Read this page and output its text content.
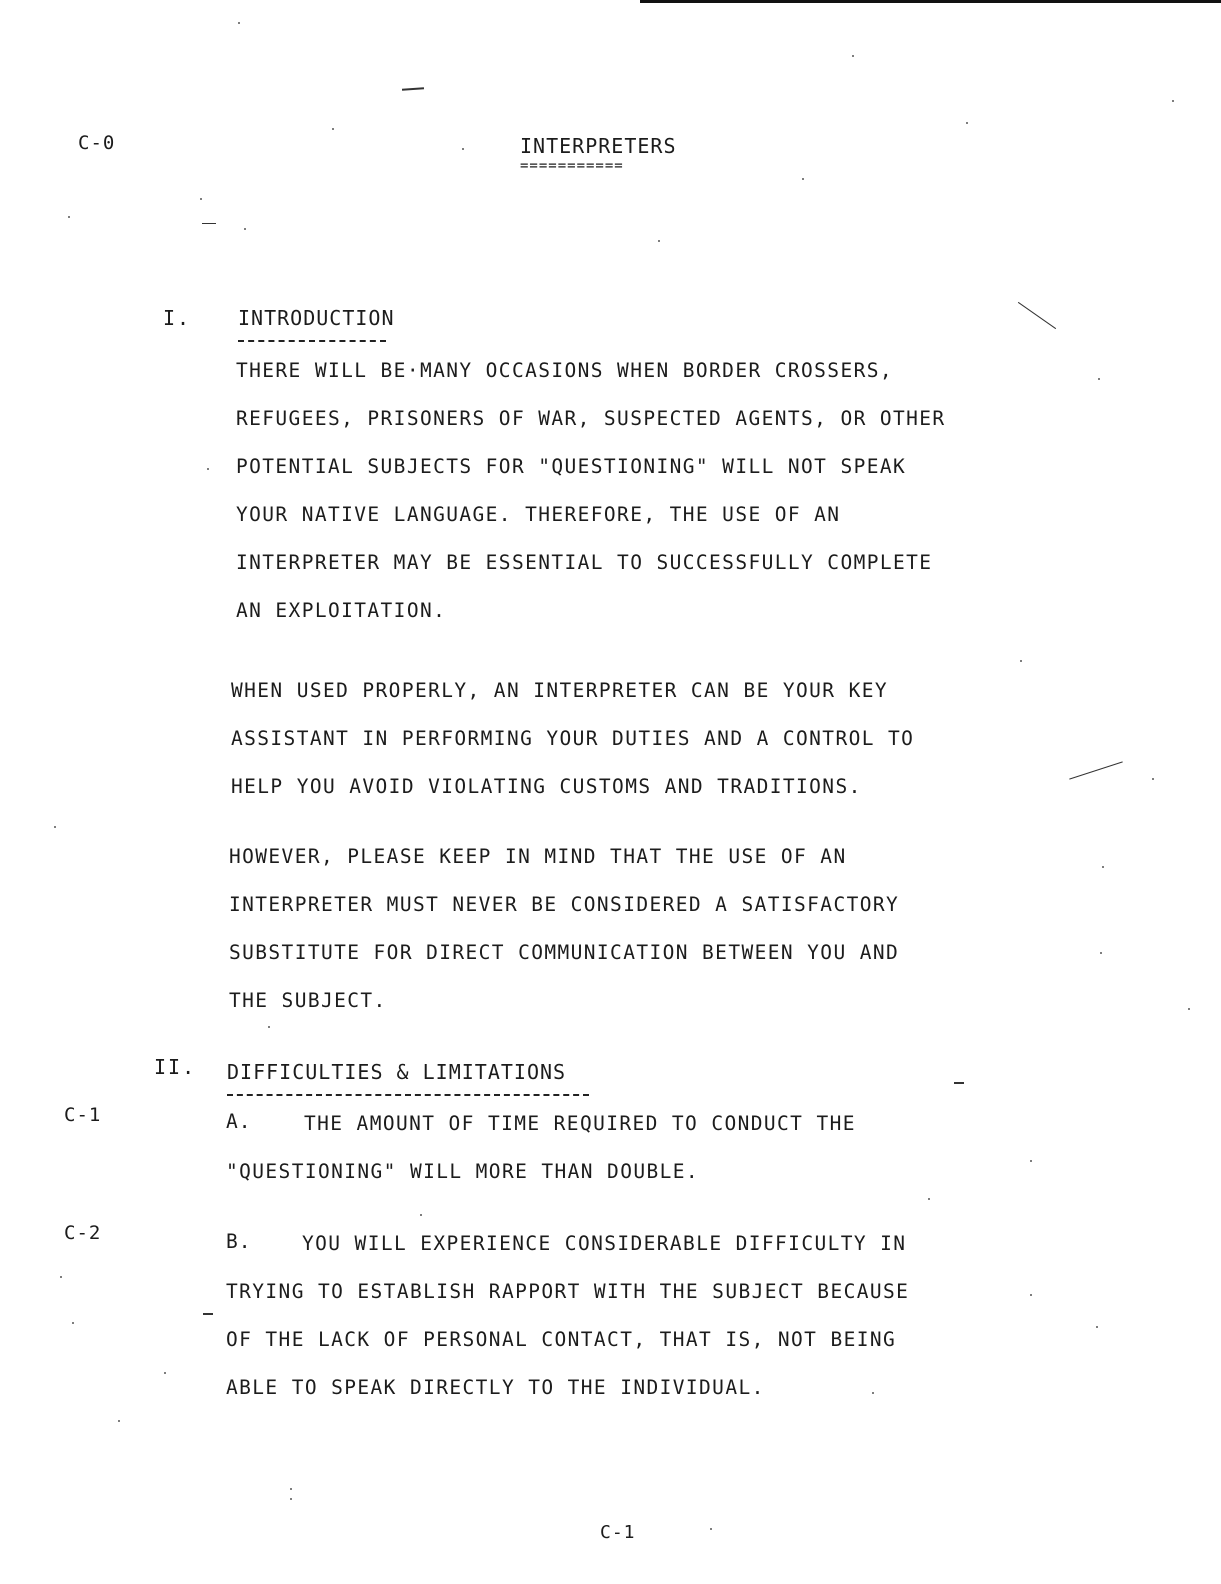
C-0	INTERPRETERS
===========
I. INTRODUCTION
THERE WILL BE·MANY OCCASIONS WHEN BORDER CROSSERS,
REFUGEES, PRISONERS OF WAR, SUSPECTED AGENTS, OR OTHER
POTENTIAL SUBJECTS FOR "QUESTIONING" WILL NOT SPEAK
YOUR NATIVE LANGUAGE. THEREFORE, THE USE OF AN
INTERPRETER MAY BE ESSENTIAL TO SUCCESSFULLY COMPLETE
AN EXPLOITATION.
WHEN USED PROPERLY, AN INTERPRETER CAN BE YOUR KEY
ASSISTANT IN PERFORMING YOUR DUTIES AND A CONTROL TO
HELP YOU AVOID VIOLATING CUSTOMS AND TRADITIONS.
HOWEVER, PLEASE KEEP IN MIND THAT THE USE OF AN
INTERPRETER MUST NEVER BE CONSIDERED A SATISFACTORY
SUBSTITUTE FOR DIRECT COMMUNICATION BETWEEN YOU AND
THE SUBJECT.
II. DIFFICULTIES & LIMITATIONS
C-1	A.	THE AMOUNT OF TIME REQUIRED TO CONDUCT THE
"QUESTIONING" WILL MORE THAN DOUBLE.
C-2	B.	YOU WILL EXPERIENCE CONSIDERABLE DIFFICULTY IN
TRYING TO ESTABLISH RAPPORT WITH THE SUBJECT BECAUSE
OF THE LACK OF PERSONAL CONTACT, THAT IS, NOT BEING
ABLE TO SPEAK DIRECTLY TO THE INDIVIDUAL.
C-1
